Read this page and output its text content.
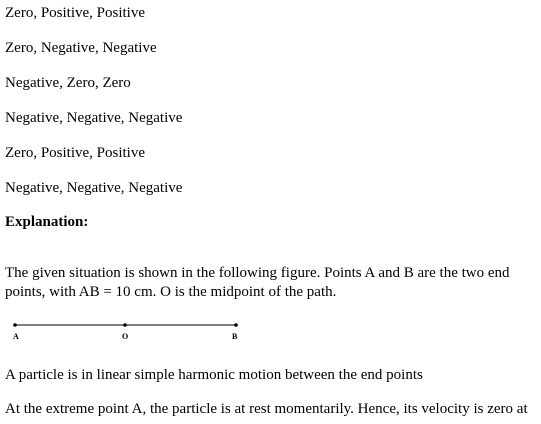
Zero, Positive, Positive
Zero, Negative, Negative
Negative, Zero, Zero
Negative, Negative, Negative
Zero, Positive, Positive
Negative, Negative, Negative
Explanation:
The given situation is shown in the following figure. Points A and B are the two end
points, with AB = 10 cm. O is the midpoint of the path.
A	O	B
A particle is in linear simple harmonic motion between the end points
At the extreme point A, the particle is at rest momentarily. Hence, its velocity is zero at
